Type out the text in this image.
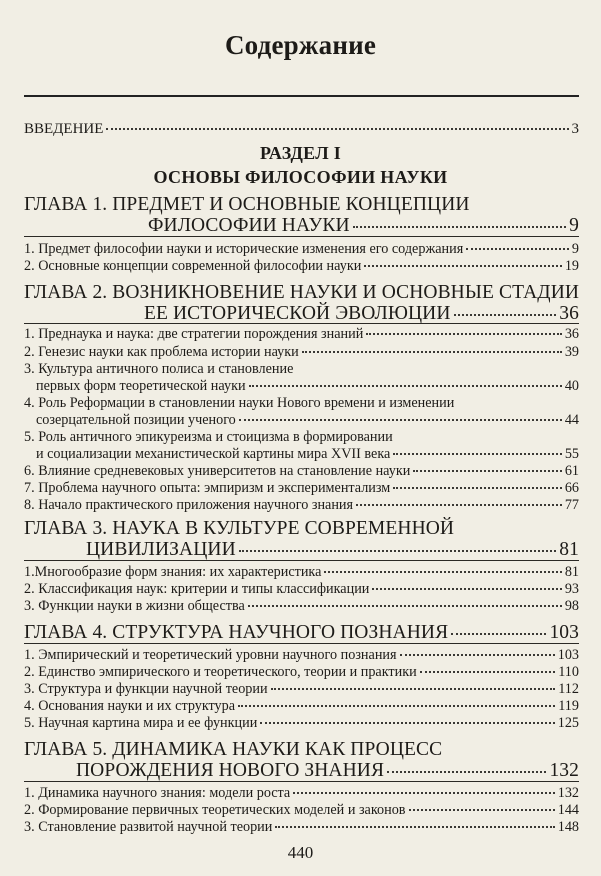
Содержание
ВВЕДЕНИЕ	3
РАЗДЕЛ I
ОСНОВЫ ФИЛОСОФИИ НАУКИ
ГЛАВА 1. ПРЕДМЕТ И ОСНОВНЫЕ КОНЦЕПЦИИ
ФИЛОСОФИИ НАУКИ	9
1. Предмет философии науки и исторические изменения его содержания	9
2. Основные концепции современной философии науки	19
ГЛАВА 2. ВОЗНИКНОВЕНИЕ НАУКИ И ОСНОВНЫЕ СТАДИИ
ЕЕ ИСТОРИЧЕСКОЙ ЭВОЛЮЦИИ	36
1. Преднаука и наука: две стратегии порождения знаний	36
2. Генезис науки как проблема истории науки	39
3. Культура античного полиса и становление
первых форм теоретической науки	40
4. Роль Реформации в становлении науки Нового времени и изменении
созерцательной позиции ученого	44
5. Роль античного эпикуреизма и стоицизма в формировании
и социализации механистической картины мира XVII века	55
6. Влияние средневековых университетов на становление науки	61
7. Проблема научного опыта: эмпиризм и экспериментализм	66
8. Начало практического приложения научного знания	77
ГЛАВА 3. НАУКА В КУЛЬТУРЕ СОВРЕМЕННОЙ
ЦИВИЛИЗАЦИИ	81
1.Многообразие форм знания: их характеристика	81
2. Классификация наук: критерии и типы классификации	93
3. Функции науки в жизни общества	98
ГЛАВА 4. СТРУКТУРА НАУЧНОГО ПОЗНАНИЯ	103
1. Эмпирический и теоретический уровни научного познания	103
2. Единство эмпирического и теоретического, теории и практики	110
3. Структура и функции научной теории	112
4. Основания науки и их структура	119
5. Научная картина мира и ее функции	125
ГЛАВА 5. ДИНАМИКА НАУКИ КАК ПРОЦЕСС
ПОРОЖДЕНИЯ НОВОГО ЗНАНИЯ	132
1. Динамика научного знания: модели роста	132
2. Формирование первичных теоретических моделей и законов	144
3. Становление развитой научной теории	148
440
